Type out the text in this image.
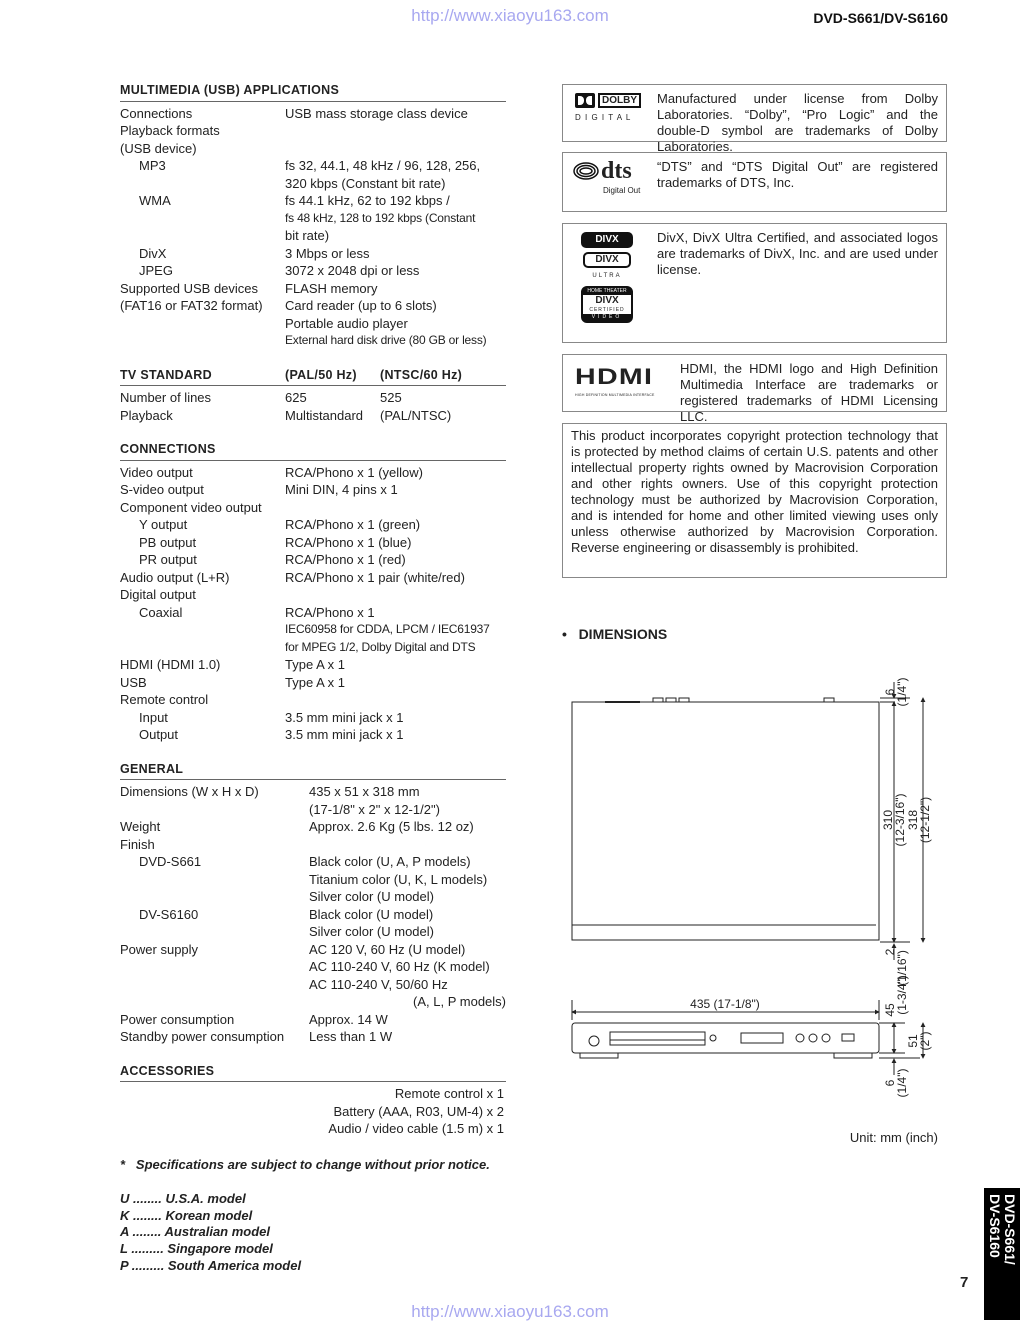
http://www.xiaoyu163.com	DVD-S661/DV-S6160
MULTIMEDIA (USB) APPLICATIONS
Connections	USB mass storage class device
Playback formats
(USB device)
MP3	fs 32, 44.1, 48 kHz / 96, 128, 256,
320 kbps (Constant bit rate)
WMA	fs 44.1 kHz, 62 to 192 kbps /
fs 48 kHz, 128 to 192 kbps (Constant
bit rate)
DivX	3 Mbps or less
JPEG	3072 x 2048 dpi or less
Supported USB devices	FLASH memory
(FAT16 or FAT32 format)	Card reader (up to 6 slots)
Portable audio player
External hard disk drive (80 GB or less)
TV STANDARD	(PAL/50 Hz)	(NTSC/60 Hz)
Number of lines	625	525
Playback	Multistandard	(PAL/NTSC)
CONNECTIONS
Video output	RCA/Phono x 1 (yellow)
S-video output	Mini DIN, 4 pins x 1
Component video output
Y output	RCA/Phono x 1 (green)
PB output	RCA/Phono x 1 (blue)
PR output	RCA/Phono x 1 (red)
Audio output (L+R)	RCA/Phono x 1 pair (white/red)
Digital output
Coaxial	RCA/Phono x 1
IEC60958 for CDDA, LPCM / IEC61937
for MPEG 1/2, Dolby Digital and DTS
HDMI (HDMI 1.0)	Type A x 1
USB	Type A x 1
Remote control
Input	3.5 mm mini jack x 1
Output	3.5 mm mini jack x 1
GENERAL
Dimensions (W x H x D)	435 x 51 x 318 mm
(17-1/8" x 2" x 12-1/2")
Weight	Approx. 2.6 Kg (5 lbs. 12 oz)
Finish
DVD-S661	Black color (U, A, P models)
Titanium color (U, K, L models)
Silver color (U model)
DV-S6160	Black color (U model)
Silver color (U model)
Power supply	AC 120 V, 60 Hz (U model)
AC 110-240 V, 60 Hz (K model)
AC 110-240 V, 50/60 Hz
(A, L, P models)
Power consumption	Approx. 14 W
Standby power consumption	Less than 1 W
ACCESSORIES
Remote control x 1
Battery (AAA, R03, UM-4) x 2
Audio / video cable (1.5 m) x 1
*   Specifications are subject to change without prior notice.
U ........ U.S.A. model
K ........ Korean model
A ........ Australian model
L ......... Singapore model
P ......... South America model
DOLBY
D I G I T A L
Manufactured under license from Dolby Laboratories. “Dolby”, “Pro Logic” and the double-D symbol are trademarks of Dolby Laboratories.
dts
Digital Out
“DTS” and “DTS Digital Out” are registered trademarks of DTS, Inc.
DIVX
DIVX
ULTRA
HOME THEATER
DIVX
CERTIFIED
VIDEO
DivX, DivX Ultra Certified, and associated logos are trademarks of DivX, Inc. and are used under license.
HDMI
HIGH DEFINITION MULTIMEDIA INTERFACE
HDMI, the HDMI logo and High Definition Multimedia Interface are trademarks or registered trademarks of HDMI Licensing LLC.
This product incorporates copyright protection technology that is protected by method claims of certain U.S. patents and other intellectual property rights owned by Macrovision Corporation and other rights owners. Use of this copyright protection technology must be authorized by Macrovision Corporation, and is intended for home and other limited viewing uses only unless otherwise authorized by Macrovision Corporation. Reverse engineering or disassembly is prohibited.
•   DIMENSIONS
6
(1/4")
310
(12-3/16") 318
(12-1/2")
2
(1/16")
435 (17-1/8")	45
(1-3/4")
51
(2")
6
(1/4")
Unit: mm (inch)
DVD-S661/
DV-S6160
7
http://www.xiaoyu163.com
